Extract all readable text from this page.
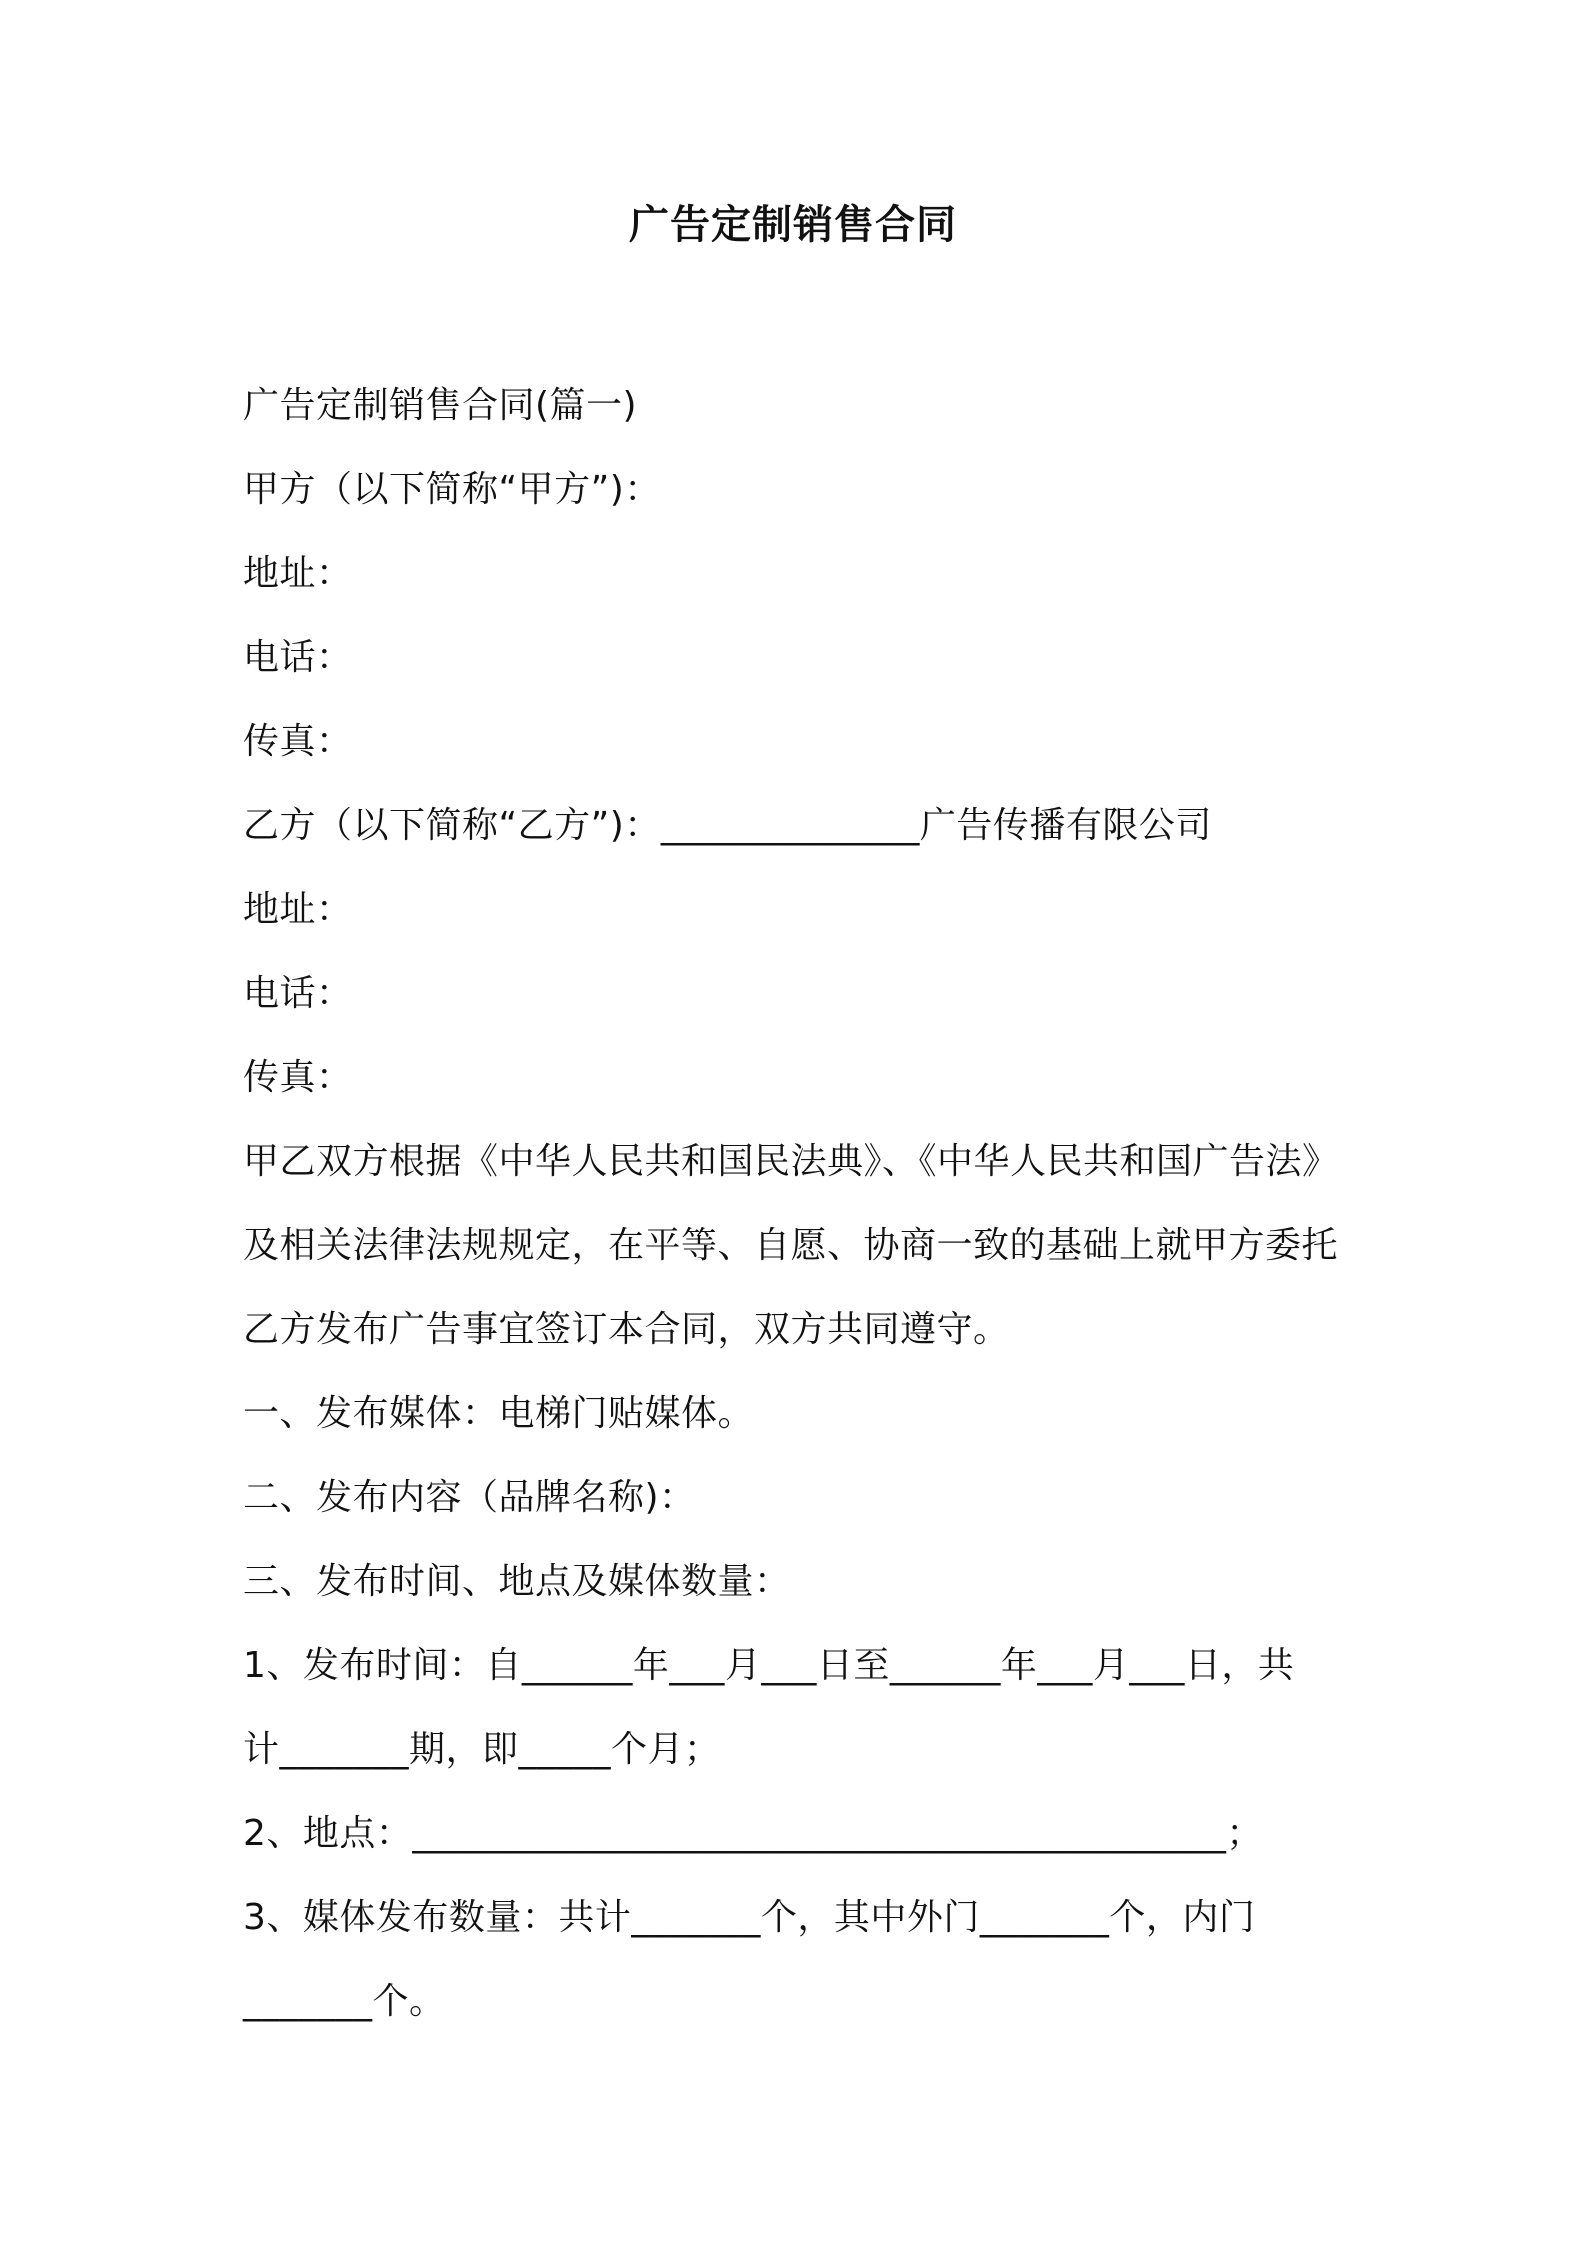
广告定制销售合同
广告定制销售合同(篇一)
甲方（以下简称“甲方”)：
地址：
电话：
传真：
乙方（以下简称“乙方”)：______________广告传播有限公司
地址：
电话：
传真：
甲乙双方根据《中华人民共和国民法典》、《中华人民共和国广告法》
及相关法律法规规定，在平等、自愿、协商一致的基础上就甲方委托
乙方发布广告事宜签订本合同，双方共同遵守。
一、发布媒体：电梯门贴媒体。
二、发布内容（品牌名称)：
三、发布时间、地点及媒体数量：
1、发布时间：自______年___月___日至______年___月___日，共
计_______期，即_____个月；
2、地点：____________________________________________；
3、媒体发布数量：共计_______个，其中外门_______个，内门
_______个。
